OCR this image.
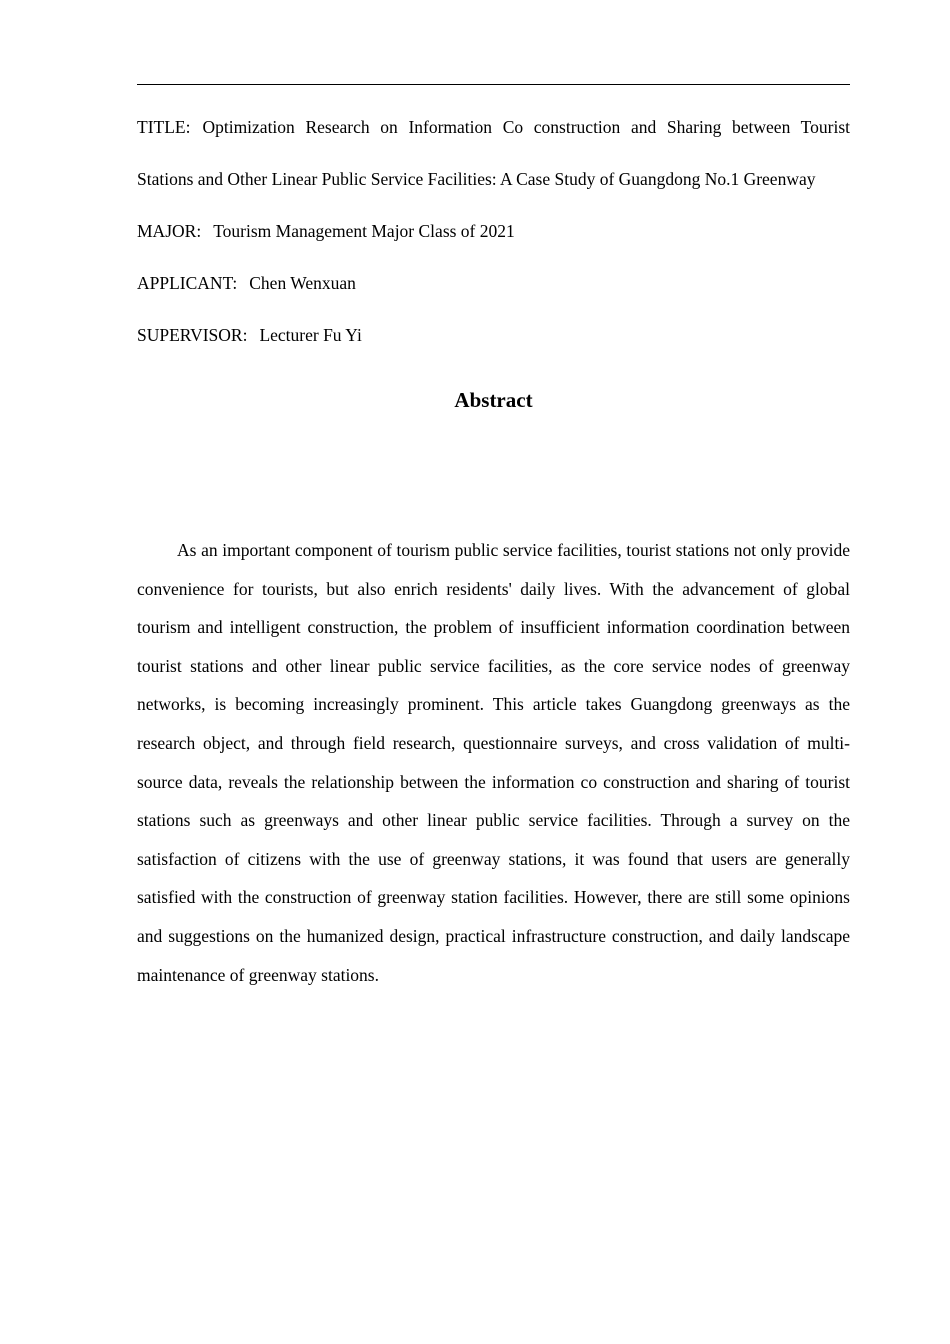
TITLE: Optimization Research on Information Co construction and Sharing between Tourist Stations and Other Linear Public Service Facilities: A Case Study of Guangdong No.1 Greenway

MAJOR: Tourism Management Major Class of 2021

APPLICANT: Chen Wenxuan

SUPERVISOR: Lecturer Fu Yi

Abstract

As an important component of tourism public service facilities, tourist stations not only provide convenience for tourists, but also enrich residents' daily lives. With the advancement of global tourism and intelligent construction, the problem of insufficient information coordination between tourist stations and other linear public service facilities, as the core service nodes of greenway networks, is becoming increasingly prominent. This article takes Guangdong greenways as the research object, and through field research, questionnaire surveys, and cross validation of multi-source data, reveals the relationship between the information co construction and sharing of tourist stations such as greenways and other linear public service facilities. Through a survey on the satisfaction of citizens with the use of greenway stations, it was found that users are generally satisfied with the construction of greenway station facilities. However, there are still some opinions and suggestions on the humanized design, practical infrastructure construction, and daily landscape maintenance of greenway stations.
